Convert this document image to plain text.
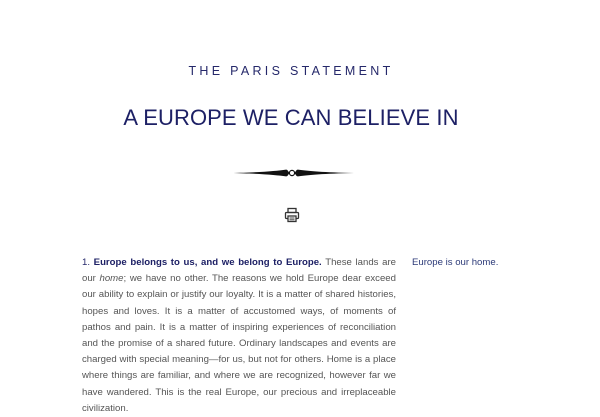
THE PARIS STATEMENT
A EUROPE WE CAN BELIEVE IN

1. Europe belongs to us, and we belong to Europe. These lands are our home; we have no other. The reasons we hold Europe dear exceed our ability to explain or justify our loyalty. It is a matter of shared histories, hopes and loves. It is a matter of accustomed ways, of moments of pathos and pain. It is a matter of inspiring experiences of reconciliation and the promise of a shared future. Ordinary landscapes and events are charged with special meaning—for us, but not for others. Home is a place where things are familiar, and where we are recognized, however far we have wandered. This is the real Europe, our precious and irreplaceable civilization.

Europe is our home.
